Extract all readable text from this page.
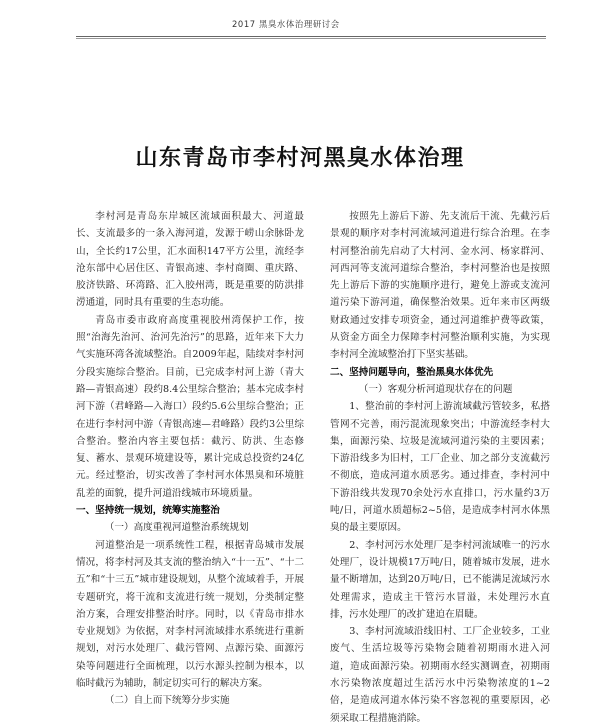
2017 黑臭水体治理研讨会
山东青岛市李村河黑臭水体治理

李村河是青岛东岸城区流域面积最大、河道最长、支流最多的一条入海河道，发源于崂山余脉卧龙山，全长约17公里，汇水面积147平方公里，流经李沧东部中心居住区、青银高速、李村商圈、重庆路、胶济铁路、环湾路、汇入胶州湾，既是重要的防洪排涝通道，同时具有重要的生态功能。

青岛市委市政府高度重视胶州湾保护工作，按照“治海先治河、治河先治污”的思路，近年来下大力气实施环湾各流域整治。自2009年起，陆续对李村河分段实施综合整治。目前，已完成李村河上游（青大路—青银高速）段约8.4公里综合整治；基本完成李村河下游（君峰路—入海口）段约5.6公里综合整治；正在进行李村河中游（青银高速—君峰路）段约3公里综合整治。整治内容主要包括：截污、防洪、生态修复、蓄水、景观环境建设等，累计完成总投资约24亿元。经过整治，切实改善了李村河水体黑臭和环境脏乱差的面貌，提升河道沿线城市环境质量。

一、坚持统一规划，统筹实施整治
（一）高度重视河道整治系统规划

河道整治是一项系统性工程，根据青岛城市发展情况，将李村河及其支流的整治纳入“十一五”、“十二五”和“十三五”城市建设规划，从整个流域着手，开展专题研究，将干流和支流进行统一规划，分类制定整治方案，合理安排整治时序。同时，以《青岛市排水专业规划》为依据，对李村河流域排水系统进行重新规划，对污水处理厂、截污管网、点源污染、面源污染等问题进行全面梳理，以污水源头控制为根本，以临时截污为辅助，制定切实可行的解决方案。

（二）自上而下统筹分步实施

按照先上游后下游、先支流后干流、先截污后景观的顺序对李村河流域河道进行综合治理。在李村河整治前先启动了大村河、金水河、杨家群河、河西河等支流河道综合整治，李村河整治也是按照先上游后下游的实施顺序进行，避免上游或支流河道污染下游河道，确保整治效果。近年来市区两级财政通过安排专项资金，通过河道维护费等政策，从资金方面全力保障李村河整治顺利实施，为实现李村河全流域整治打下坚实基础。

二、坚持问题导向，整治黑臭水体优先
（一）客观分析河道现状存在的问题

1、整治前的李村河上游流域截污管较多，私搭管网不完善，雨污混流现象突出；中游流经李村大集，面源污染、垃圾是流域河道污染的主要因素；下游沿线多为旧村，工厂企业、加之部分支流截污不彻底，造成河道水质恶劣。通过排查，李村河中下游沿线共发现70余处污水直排口，污水量约3万吨/日，河道水质超标2~5倍，是造成李村河水体黑臭的最主要原因。

2、李村河污水处理厂是李村河流域唯一的污水处理厂，设计规模17万吨/日，随着城市发展，进水量不断增加，达到20万吨/日，已不能满足流域污水处理需求，造成主干管污水冒溢，未处理污水直排，污水处理厂的改扩建迫在眉睫。

3、李村河流域沿线旧村、工厂企业较多，工业废气、生活垃圾等污染物会随着初期雨水进入河道，造成面源污染。初期雨水经实测调查，初期雨水污染物浓度超过生活污水中污染物浓度的1~2倍，是造成河道水体污染不容忽视的重要原因，必须采取工程措施消除。
